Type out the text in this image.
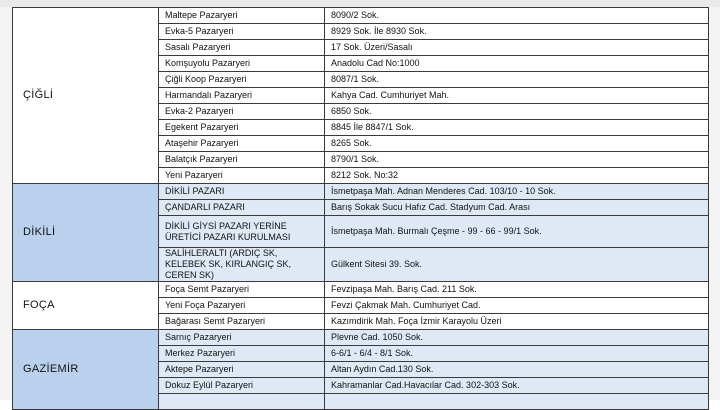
ÇİĞLİ	Maltepe Pazaryeri	8090/2 Sok.
	Evka-5 Pazaryeri	8929 Sok. İle 8930 Sok.
	Sasalı Pazaryeri	17 Sok. Üzeri/Sasalı
	Komşuyolu Pazaryeri	Anadolu Cad No:1000
	Çiğli Koop Pazaryeri	8087/1 Sok.
	Harmandalı Pazaryeri	Kahya Cad. Cumhuriyet Mah.
	Evka-2 Pazaryeri	6850 Sok.
	Egekent Pazaryeri	8845 İle 8847/1 Sok.
	Ataşehir Pazaryeri	8265 Sok.
	Balatçık Pazaryeri	8790/1 Sok.
	Yeni Pazaryeri	8212 Sok. No:32
DİKİLİ	DİKİLİ PAZARI	İsmetpaşa Mah. Adnan Menderes Cad. 103/10 - 10 Sok.
	ÇANDARLI PAZARI	Barış Sokak Sucu Hafız Cad. Stadyum Cad. Arası
	DİKİLİ GİYSİ PAZARI YERİNE ÜRETİCİ PAZARI KURULMASI	İsmetpaşa Mah. Burmalı Çeşme - 99 - 66 - 99/1 Sok.
	SALİHLERALTI (ARDIÇ SK, KELEBEK SK, KIRLANGIÇ SK, CEREN SK)	Gülkent Sitesi 39. Sok.
FOÇA	Foça Semt Pazaryeri	Fevzipaşa Mah. Barış Cad. 211 Sok.
	Yeni Foça Pazaryeri	Fevzi Çakmak Mah. Cumhuriyet Cad.
	Bağarası Semt Pazaryeri	Kazımdirik Mah. Foça İzmir Karayolu Üzeri
GAZİEMİR	Sarnıç Pazaryeri	Plevne Cad. 1050 Sok.
	Merkez Pazaryeri	6-6/1 - 6/4 - 8/1 Sok.
	Aktepe Pazaryeri	Altan Aydın Cad.130 Sok.
	Dokuz Eylül Pazaryeri	Kahramanlar Cad.Havacılar Cad. 302-303 Sok.
